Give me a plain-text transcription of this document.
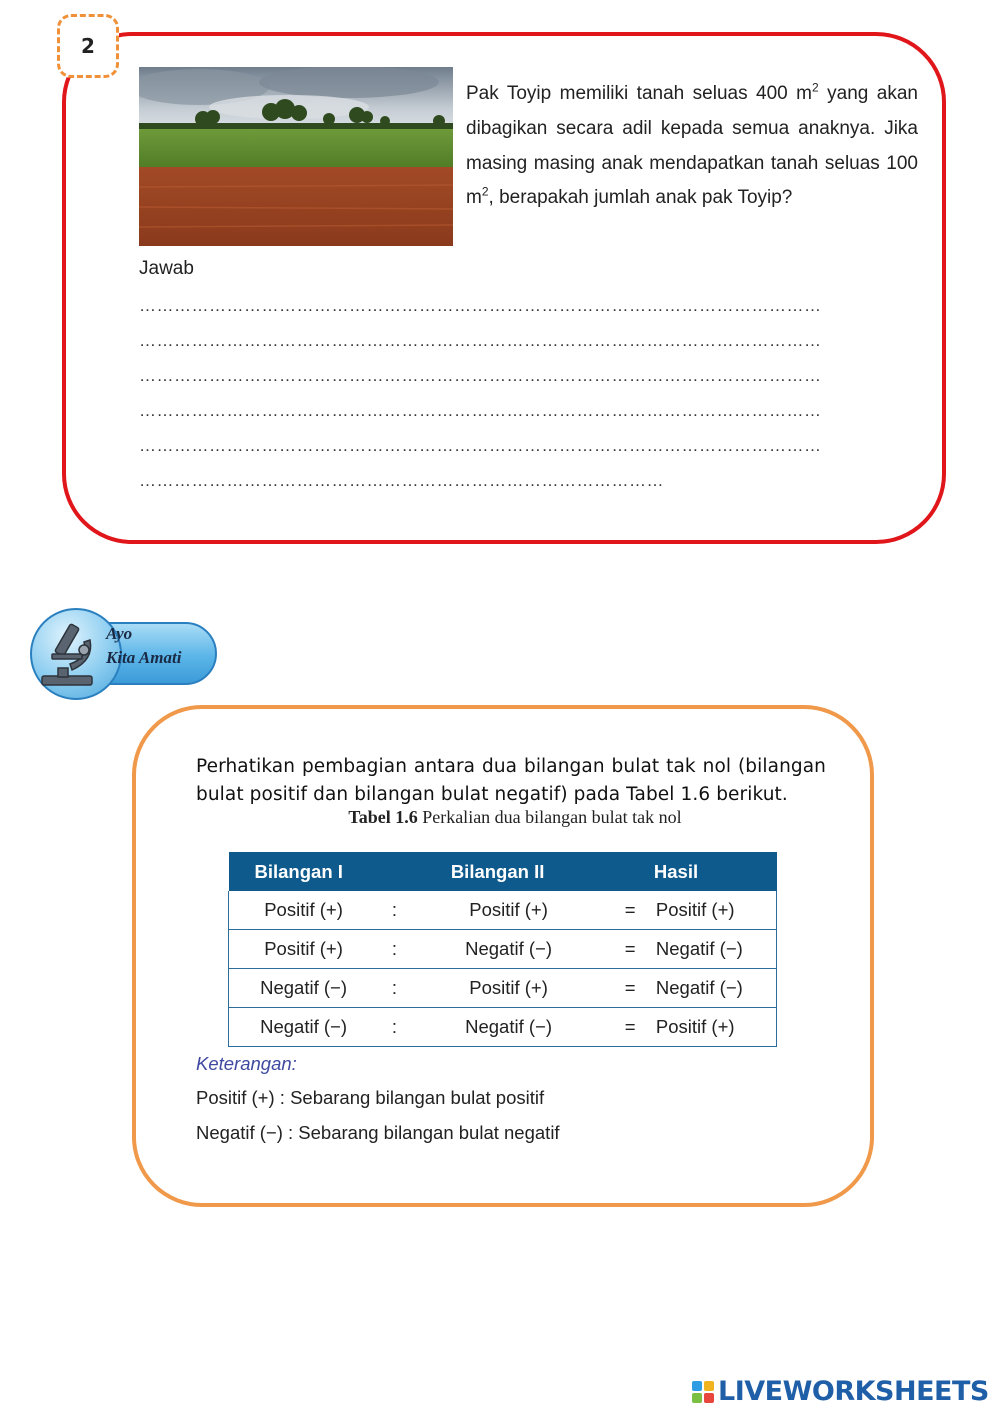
2
Pak Toyip memiliki tanah seluas 400 $m^2$ yang akan dibagikan secara adil kepada semua anaknya. Jika masing masing anak mendapatkan tanah seluas 100 $m^2$, berapakah jumlah anak pak Toyip?
Jawab
………………………………………………………………………………………………………
………………………………………………………………………………………………………
………………………………………………………………………………………………………
………………………………………………………………………………………………………
………………………………………………………………………………………………………
………………………………………………………………………………
Ayo
Kita Amati
Perhatikan pembagian antara dua bilangan bulat tak nol (bilangan bulat positif dan bilangan bulat negatif) pada Tabel 1.6 berikut.
Tabel 1.6 Perkalian dua bilangan bulat tak nol
Bilangan I		Bilangan II		Hasil
Positif (+)	:	Positif (+)	=	Positif (+)
Positif (+)	:	Negatif (−)	=	Negatif (−)
Negatif (−)	:	Positif (+)	=	Negatif (−)
Negatif (−)	:	Negatif (−)	=	Positif (+)
Keterangan:
Positif (+) : Sebarang bilangan bulat positif
Negatif (−) : Sebarang bilangan bulat negatif
LIVEWORKSHEETS
